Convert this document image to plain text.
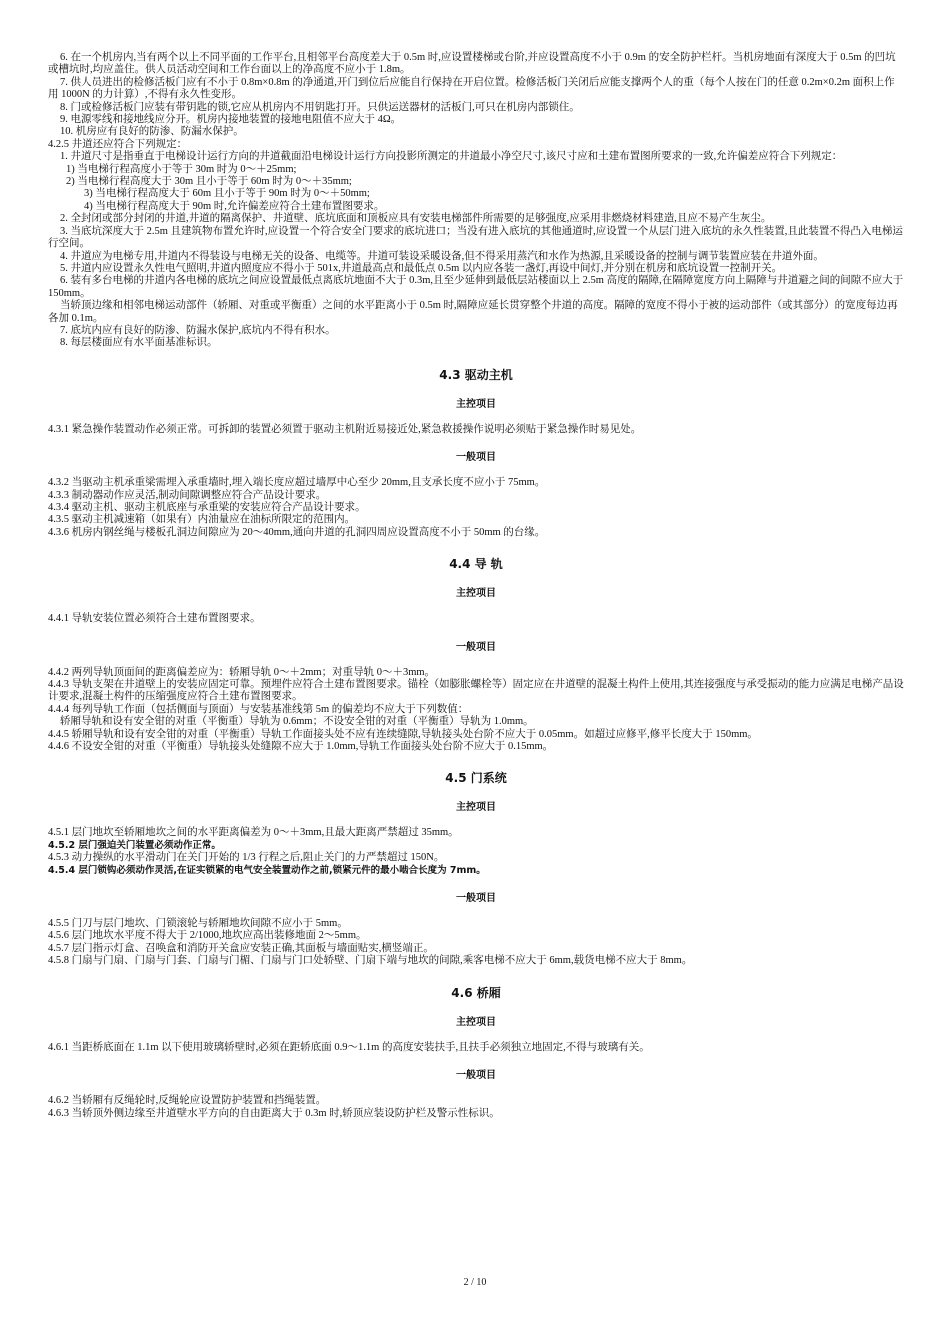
6. 在一个机房内,当有两个以上不同平面的工作平台,且相邻平台高度差大于 0.5m 时,应设置楼梯或台阶,并应设置高度不小于 0.9m 的安全防护栏杆。当机房地面有深度大于 0.5m 的凹坑或槽坑时,均应盖住。供人员活动空间和工作台面以上的净高度不应小于 1.8m。

7. 供人员进出的检修活板门应有不小于 0.8m×0.8m 的净通道,开门到位后应能自行保持在开启位置。检修活板门关闭后应能支撑两个人的重（每个人按在门的任意 0.2m×0.2m 面积上作用 1000N 的力计算）,不得有永久性变形。

8. 门或检修活板门应装有带钥匙的锁,它应从机房内不用钥匙打开。只供运送器材的活板门,可只在机房内部锁住。

9. 电源零线和接地线应分开。机房内接地装置的接地电阻值不应大于 4Ω。

10. 机房应有良好的防渗、防漏水保护。

4.2.5 井道还应符合下列规定：

1. 井道尺寸是指垂直于电梯设计运行方向的井道截面沿电梯设计运行方向投影所测定的井道最小净空尺寸,该尺寸应和土建布置图所要求的一致,允许偏差应符合下列规定：

1) 当电梯行程高度小于等于 30m 时为 0～＋25mm;

2) 当电梯行程高度大于 30m 且小于等于 60m 时为 0～＋35mm;

3) 当电梯行程高度大于 60m 且小于等于 90m 时为 0～＋50mm;

4) 当电梯行程高度大于 90m 时,允许偏差应符合土建布置图要求。

2. 全封闭或部分封闭的井道,井道的隔离保护、井道壁、底坑底面和顶板应具有安装电梯部件所需要的足够强度,应采用非燃烧材料建造,且应不易产生灰尘。

3. 当底坑深度大于 2.5m 且建筑物布置允许时,应设置一个符合安全门要求的底坑进口；当没有进入底坑的其他通道时,应设置一个从层门进入底坑的永久性装置,且此装置不得凸入电梯运行空间。

4. 井道应为电梯专用,井道内不得装设与电梯无关的设备、电缆等。井道可装设采暖设备,但不得采用蒸汽和水作为热源,且采暖设备的控制与调节装置应装在井道外面。

5. 井道内应设置永久性电气照明,井道内照度应不得小于 501x,井道最高点和最低点 0.5m 以内应各装一盏灯,再设中间灯,并分别在机房和底坑设置一控制开关。

6. 装有多台电梯的井道内各电梯的底坑之间应设置最低点离底坑地面不大于 0.3m,且至少延伸到最低层站楼面以上 2.5m 高度的隔障,在隔障宽度方向上隔障与井道避之间的间隙不应大于 150mm。

当轿顶边缘和相邻电梯运动部件（轿厢、对重或平衡重）之间的水平距离小于 0.5m 时,隔障应延长贯穿整个井道的高度。隔障的宽度不得小于被的运动部件（或其部分）的宽度每边再各加 0.1m。

7. 底坑内应有良好的防渗、防漏水保护,底坑内不得有积水。

8. 每层楼面应有水平面基准标识。

4.3 驱动主机
主控项目

4.3.1 紧急操作装置动作必须正常。可拆卸的装置必须置于驱动主机附近易接近处,紧急救援操作说明必须贴于紧急操作时易见处。

一般项目

4.3.2 当驱动主机承重梁需埋入承重墙时,埋入端长度应超过墙厚中心至少 20mm,且支承长度不应小于 75mm。

4.3.3 制动器动作应灵活,制动间隙调整应符合产品设计要求。

4.3.4 驱动主机、驱动主机底座与承重梁的安装应符合产品设计要求。

4.3.5 驱动主机减速箱（如果有）内油量应在油标所限定的范围内。

4.3.6 机房内钢丝绳与楼板孔洞边间隙应为 20～40mm,通向井道的孔洞四周应设置高度不小于 50mm 的台缘。

4.4 导 轨
主控项目

4.4.1 导轨安装位置必须符合土建布置图要求。

一般项目

4.4.2 两列导轨顶面间的距离偏差应为：轿厢导轨 0～＋2mm；对重导轨 0～＋3mm。

4.4.3 导轨支架在井道壁上的安装应固定可靠。预埋件应符合土建布置图要求。锚栓（如膨胀螺栓等）固定应在井道壁的混凝土构件上使用,其连接强度与承受振动的能力应满足电梯产品设计要求,混凝土构件的压缩强度应符合土建布置图要求。

4.4.4 每列导轨工作面（包括侧面与顶面）与安装基准线第 5m 的偏差均不应大于下列数值：

轿厢导轨和设有安全钳的对重（平衡重）导轨为 0.6mm；不设安全钳的对重（平衡重）导轨为 1.0mm。

4.4.5 轿厢导轨和设有安全钳的对重（平衡重）导轨工作面接头处不应有连续缝隙,导轨接头处台阶不应大于 0.05mm。如超过应修平,修平长度大于 150mm。

4.4.6 不设安全钳的对重（平衡重）导轨接头处缝隙不应大于 1.0mm,导轨工作面接头处台阶不应大于 0.15mm。

4.5 门系统
主控项目

4.5.1 层门地坎至轿厢地坎之间的水平距离偏差为 0～＋3mm,且最大距离严禁超过 35mm。

4.5.2 层门强迫关门装置必须动作正常。

4.5.3 动力操纵的水平滑动门在关门开始的 1/3 行程之后,阻止关门的力严禁超过 150N。

4.5.4 层门锁钩必须动作灵活,在证实锁紧的电气安全装置动作之前,锁紧元件的最小啮合长度为 7mm。

一般项目

4.5.5 门刀与层门地坎、门锁滚轮与轿厢地坎间隙不应小于 5mm。

4.5.6 层门地坎水平度不得大于 2/1000,地坎应高出装修地面 2～5mm。

4.5.7 层门指示灯盒、召唤盒和消防开关盒应安装正确,其面板与墙面贴实,横竖端正。

4.5.8 门扇与门扇、门扇与门套、门扇与门楣、门扇与门口处轿壁、门扇下端与地坎的间隙,乘客电梯不应大于 6mm,载货电梯不应大于 8mm。

4.6 桥厢
主控项目

4.6.1 当距桥底面在 1.1m 以下使用玻璃轿壁时,必须在距轿底面 0.9～1.1m 的高度安装扶手,且扶手必须独立地固定,不得与玻璃有关。

一般项目

4.6.2 当轿厢有反绳轮时,反绳轮应设置防护装置和挡绳装置。

4.6.3 当轿顶外侧边缘至井道壁水平方向的自由距离大于 0.3m 时,轿顶应装设防护栏及警示性标识。

2 / 10
